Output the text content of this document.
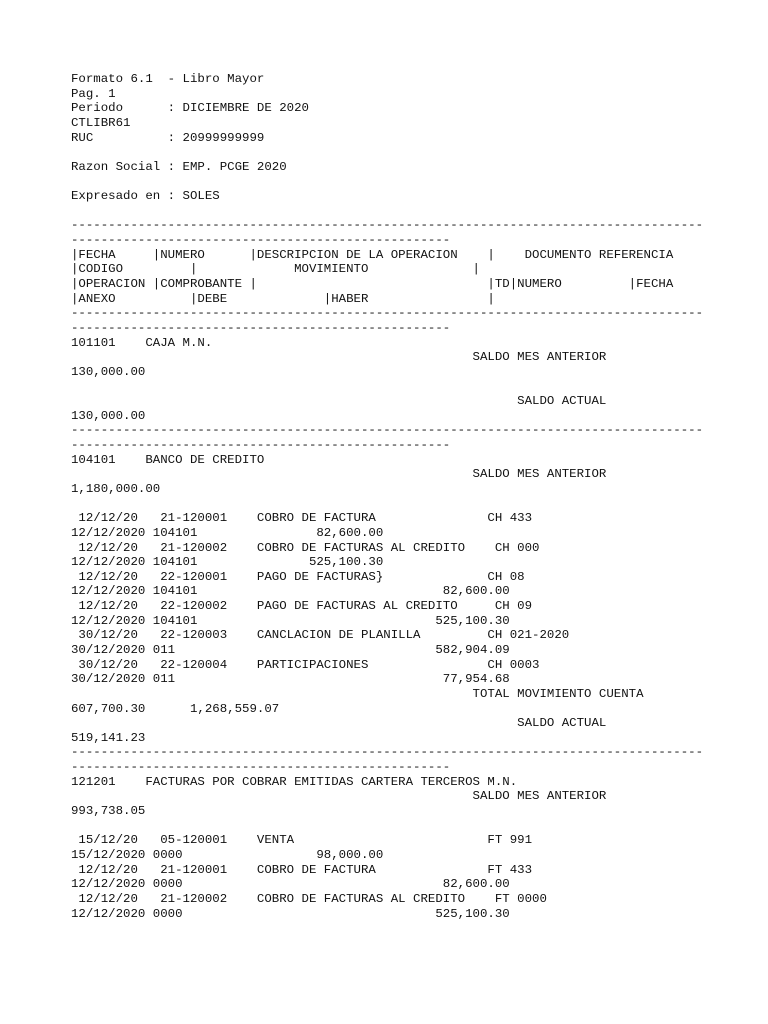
Formato 6.1  - Libro Mayor
Pag. 1
Periodo      : DICIEMBRE DE 2020
CTLIBR61
RUC          : 20999999999
Razon Social : EMP. PCGE 2020
Expresado en : SOLES
-------------------------------------------------------------------------------------
---------------------------------------------------
|FECHA     |NUMERO      |DESCRIPCION DE LA OPERACION    |    DOCUMENTO REFERENCIA
|CODIGO         |             MOVIMIENTO              |
|OPERACION |COMPROBANTE |                               |TD|NUMERO         |FECHA
|ANEXO          |DEBE             |HABER                |
-------------------------------------------------------------------------------------
---------------------------------------------------
101101    CAJA M.N.
SALDO MES ANTERIOR
130,000.00
SALDO ACTUAL
130,000.00
-------------------------------------------------------------------------------------
---------------------------------------------------
104101    BANCO DE CREDITO
SALDO MES ANTERIOR
1,180,000.00
12/12/20   21-120001    COBRO DE FACTURA               CH 433
12/12/2020 104101                82,600.00
12/12/20   21-120002    COBRO DE FACTURAS AL CREDITO    CH 000
12/12/2020 104101               525,100.30
12/12/20   22-120001    PAGO DE FACTURAS}              CH 08
12/12/2020 104101                                 82,600.00
12/12/20   22-120002    PAGO DE FACTURAS AL CREDITO     CH 09
12/12/2020 104101                                525,100.30
30/12/20   22-120003    CANCLACION DE PLANILLA         CH 021-2020
30/12/2020 011                                   582,904.09
30/12/20   22-120004    PARTICIPACIONES                CH 0003
30/12/2020 011                                    77,954.68
TOTAL MOVIMIENTO CUENTA
607,700.30      1,268,559.07
SALDO ACTUAL
519,141.23
-------------------------------------------------------------------------------------
---------------------------------------------------
121201    FACTURAS POR COBRAR EMITIDAS CARTERA TERCEROS M.N.
SALDO MES ANTERIOR
993,738.05
15/12/20   05-120001    VENTA                          FT 991
15/12/2020 0000                  98,000.00
12/12/20   21-120001    COBRO DE FACTURA               FT 433
12/12/2020 0000                                   82,600.00
12/12/20   21-120002    COBRO DE FACTURAS AL CREDITO    FT 0000
12/12/2020 0000                                  525,100.30
